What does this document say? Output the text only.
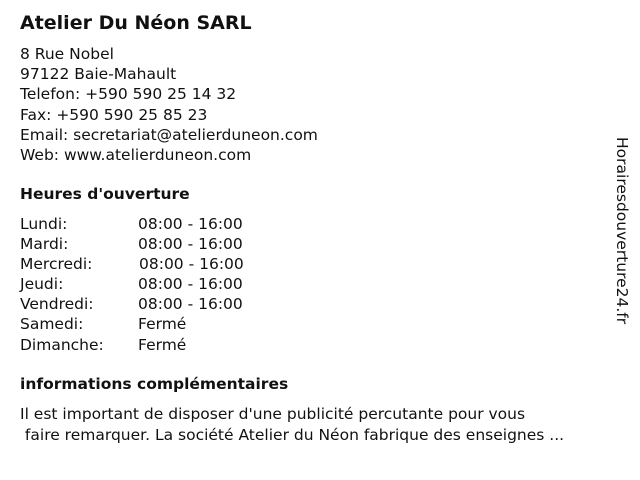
Atelier Du Néon SARL
8 Rue Nobel
97122 Baie-Mahault
Telefon: +590 590 25 14 32
Fax: +590 590 25 85 23
Email: secretariat@atelierduneon.com
Web: www.atelierduneon.com
Heures d'ouverture
Lundi:	08:00 - 16:00
Mardi:	08:00 - 16:00
Mercredi:	08:00 - 16:00
Jeudi:	08:00 - 16:00
Vendredi:	08:00 - 16:00
Samedi:	Fermé
Dimanche: Fermé
informations complémentaires
Il est important de disposer d'une publicité percutante pour vous
faire remarquer. La société Atelier du Néon fabrique des enseignes ...
Horairesdouverture24.fr
